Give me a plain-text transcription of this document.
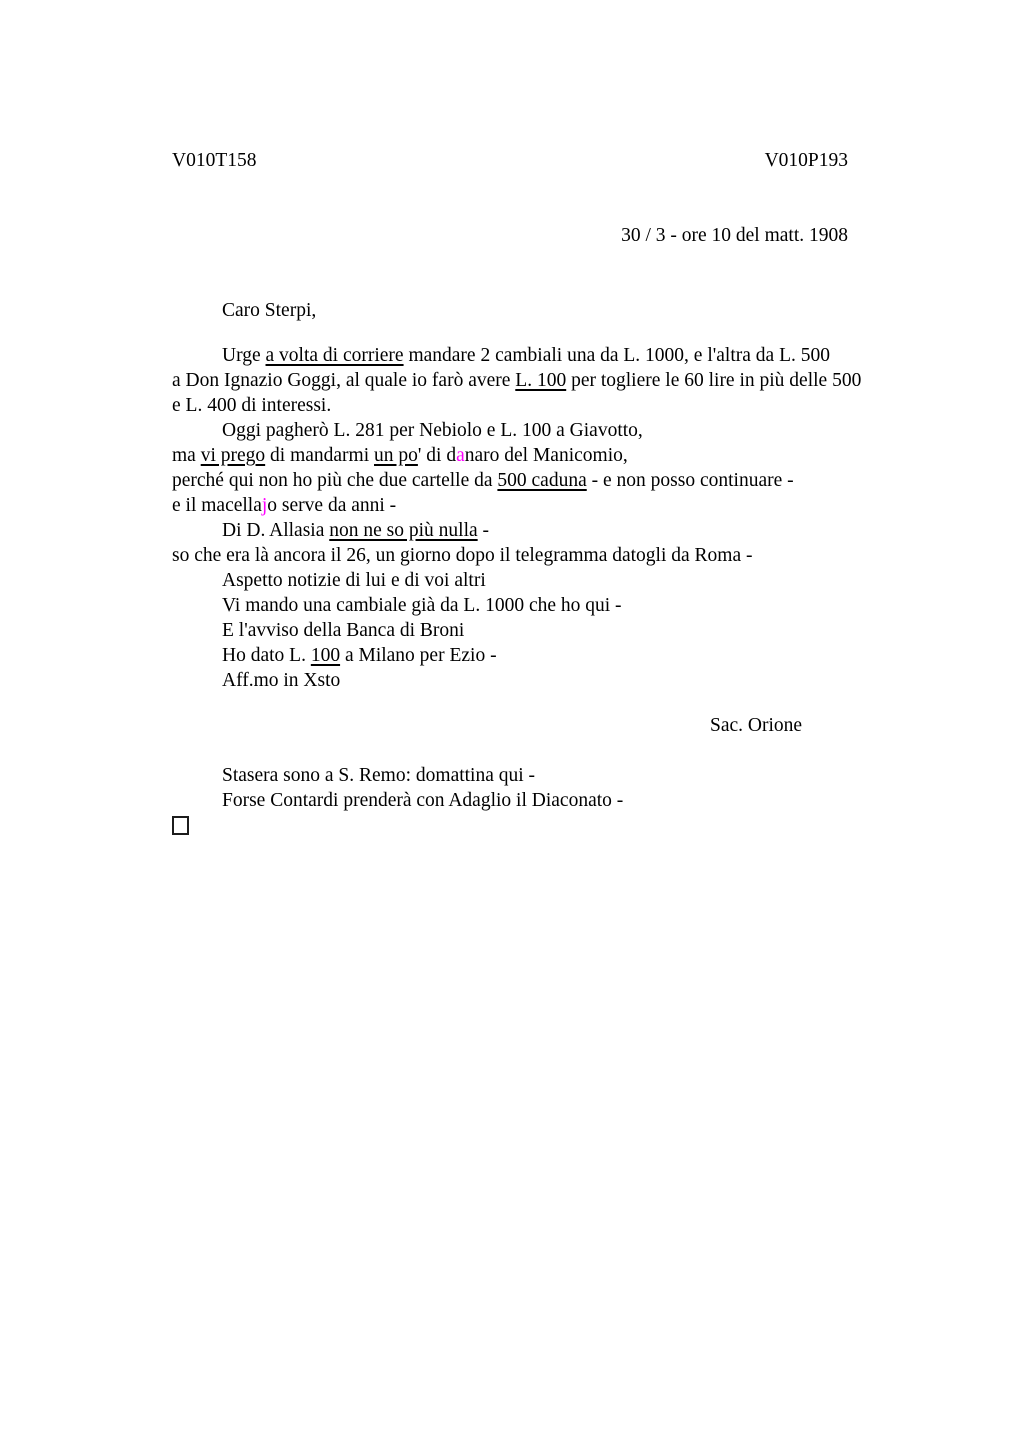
V010T158	V010P193
30 / 3 - ore 10 del matt. 1908
Caro Sterpi,
Urge a volta di corriere mandare 2 cambiali una da L. 1000, e l'altra da L. 500
a Don Ignazio Goggi, al quale io farò avere L. 100 per togliere le 60 lire in più delle 500
e L. 400 di interessi.
Oggi pagherò L. 281 per Nebiolo e L. 100 a Giavotto,
ma vi prego di mandarmi un po' di danaro del Manicomio,
perché qui non ho più che due cartelle da 500 caduna - e non posso continuare -
e il macellajo serve da anni -
Di D. Allasia non ne so più nulla -
so che era là ancora il 26, un giorno dopo il telegramma datogli da Roma -
Aspetto notizie di lui e di voi altri
Vi mando una cambiale già da L. 1000 che ho qui -
E l'avviso della Banca di Broni
Ho dato L. 100 a Milano per Ezio -
Aff.mo in Xsto
Sac. Orione
Stasera sono a S. Remo: domattina qui -
Forse Contardi prenderà con Adaglio il Diaconato -
